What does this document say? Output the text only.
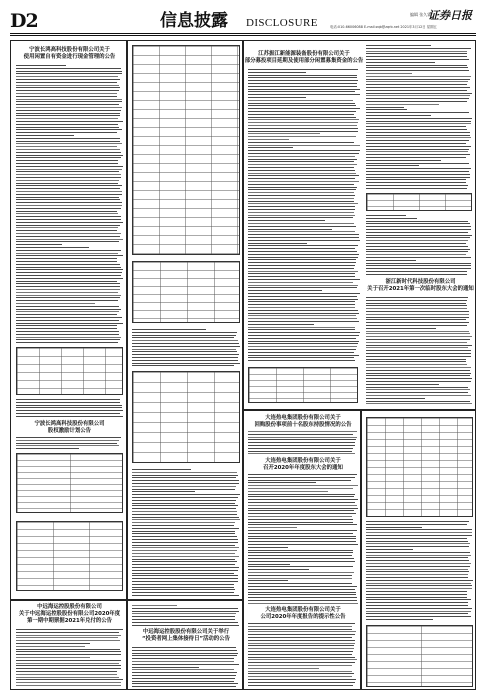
D2	信息披露 DISCLOSURE
编辑 张久霖
证券日报
电话:010-66006088 E-mail:zqb@zqrb.net 2021年3月12日 星期五
宁波长鸿高科技股份有限公司关于
使用闲置自有资金进行现金管理的公告
宁波长鸿高科技股份有限公司
股权激励计划公告
中远海运控股股份有限公司
关于中远海运控股股份有限公司2020年度
第一期中期票据2021年兑付的公告
中远海运控股股份有限公司关于举行
“投资者网上集体接待日”活动的公告
江苏振江新能源装备股份有限公司关于
部分募投项目延期及使用部分闲置募集资金的公告
浙江新时代科技股份有限公司
关于召开2021年第一次临时股东大会的通知
大连热电集团股份有限公司关于
回购股份事项前十名股东持股情况的公告
大连热电集团股份有限公司关于
召开2020年年度股东大会的通知
大连热电集团股份有限公司关于
公司2020年年度报告的提示性公告
